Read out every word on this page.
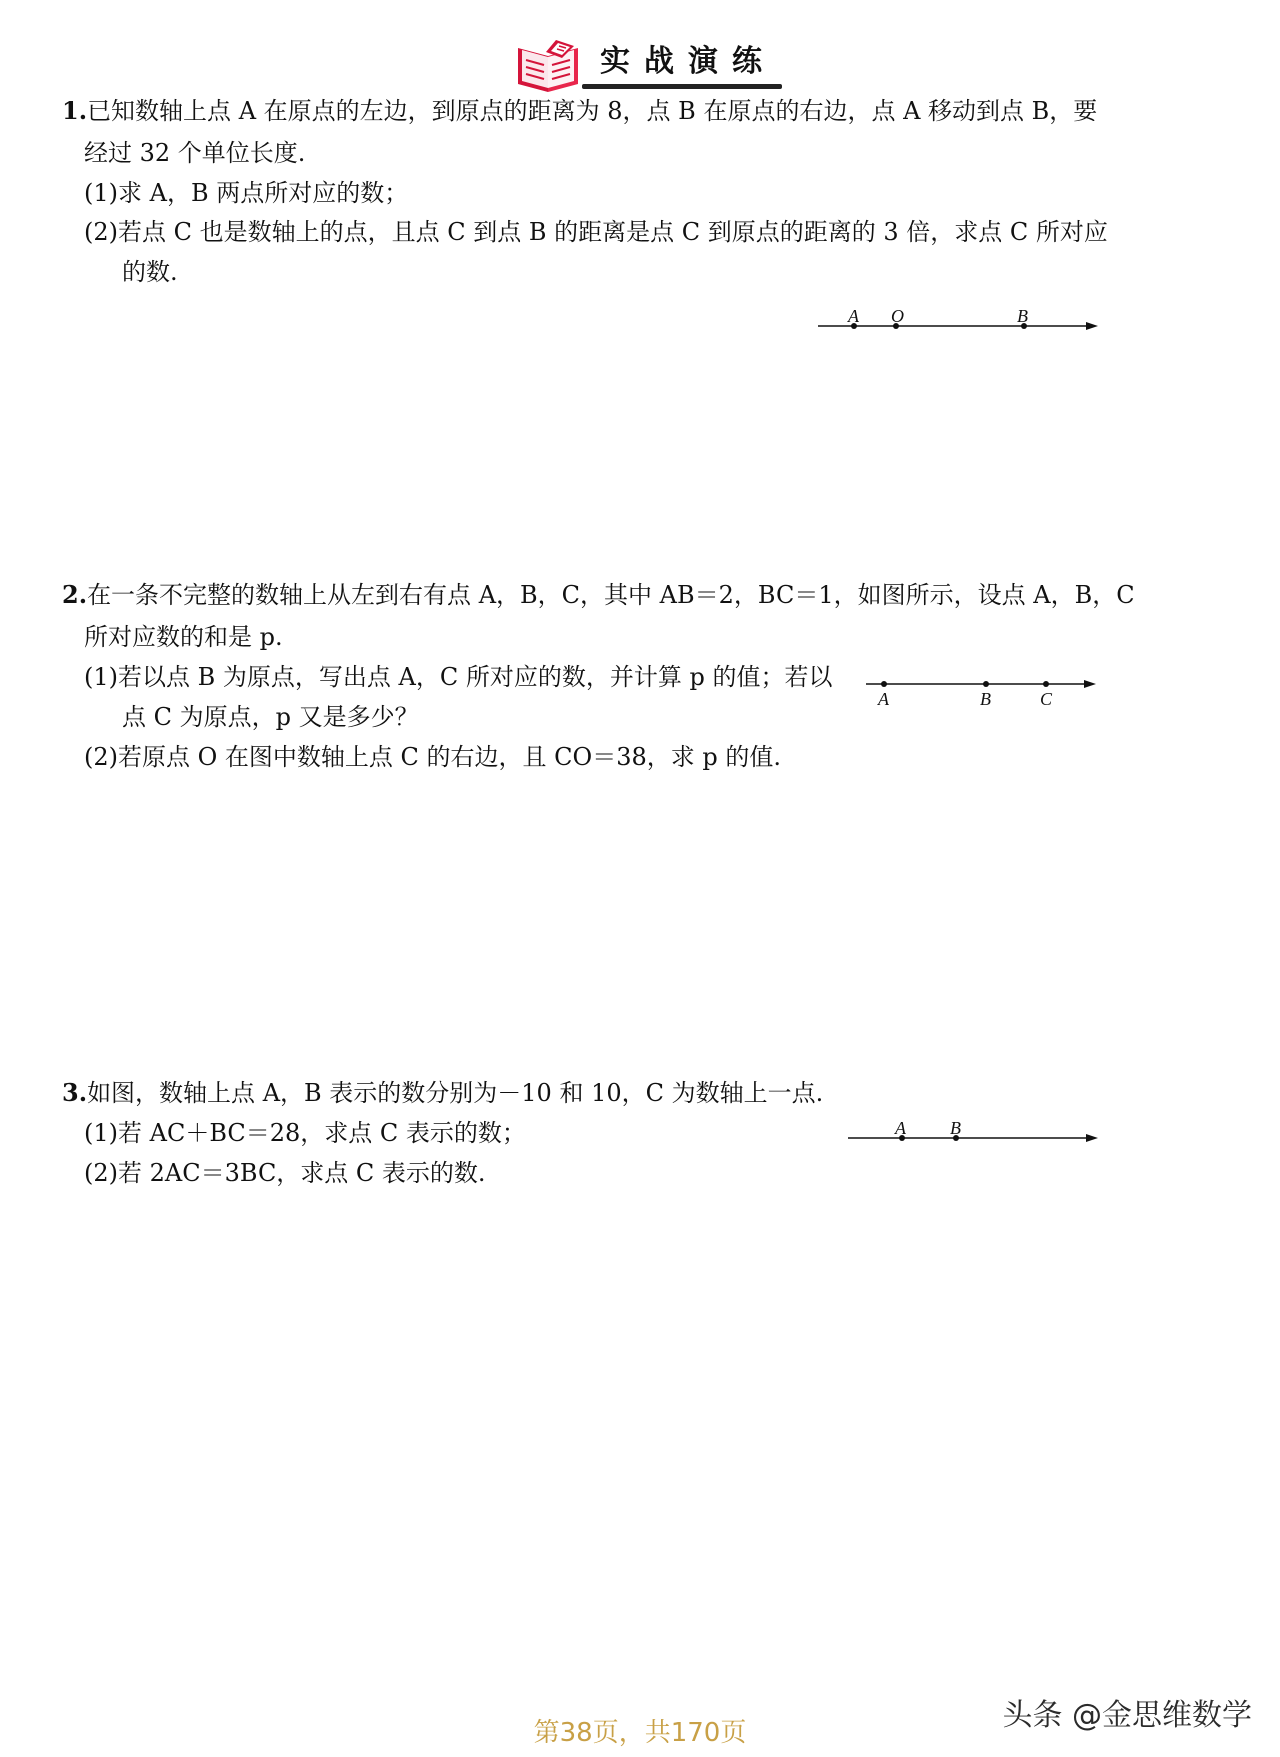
实战演练
1.已知数轴上点 A 在原点的左边，到原点的距离为 8，点 B 在原点的右边，点 A 移动到点 B，要
经过 32 个单位长度.
(1)求 A，B 两点所对应的数；
(2)若点 C 也是数轴上的点，且点 C 到点 B 的距离是点 C 到原点的距离的 3 倍，求点 C 所对应
的数.
A O	B
2.在一条不完整的数轴上从左到右有点 A，B，C，其中 AB＝2，BC＝1，如图所示，设点 A，B，C
所对应数的和是 p.
(1)若以点 B 为原点，写出点 A，C 所对应的数，并计算 p 的值；若以
点 C 为原点，p 又是多少？
(2)若原点 O 在图中数轴上点 C 的右边，且 CO＝38，求 p 的值.
A	B	C
3.如图，数轴上点 A，B 表示的数分别为－10 和 10，C 为数轴上一点.
(1)若 AC＋BC＝28，求点 C 表示的数；
(2)若 2AC＝3BC，求点 C 表示的数.
A B
头条 @金思维数学
第38页，共170页
